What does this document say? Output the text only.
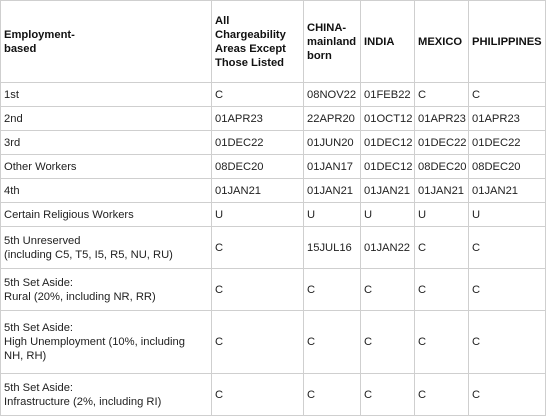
Employment-
based	All
Chargeability
Areas Except
Those Listed	CHINA-
mainland
born	INDIA	MEXICO	PHILIPPINES
1st	C	08NOV22	01FEB22	C	C
2nd	01APR23	22APR20	01OCT12	01APR23	01APR23
3rd	01DEC22	01JUN20	01DEC12	01DEC22	01DEC22
Other Workers	08DEC20	01JAN17	01DEC12	08DEC20	08DEC20
4th	01JAN21	01JAN21	01JAN21	01JAN21	01JAN21
Certain Religious Workers	U	U	U	U	U
5th Unreserved
(including C5, T5, I5, R5, NU, RU)	C	15JUL16	01JAN22	C	C
5th Set Aside:
Rural (20%, including NR, RR)	C	C	C	C	C
5th Set Aside:
High Unemployment (10%, including
NH, RH)	C	C	C	C	C
5th Set Aside:
Infrastructure (2%, including RI)	C	C	C	C	C
